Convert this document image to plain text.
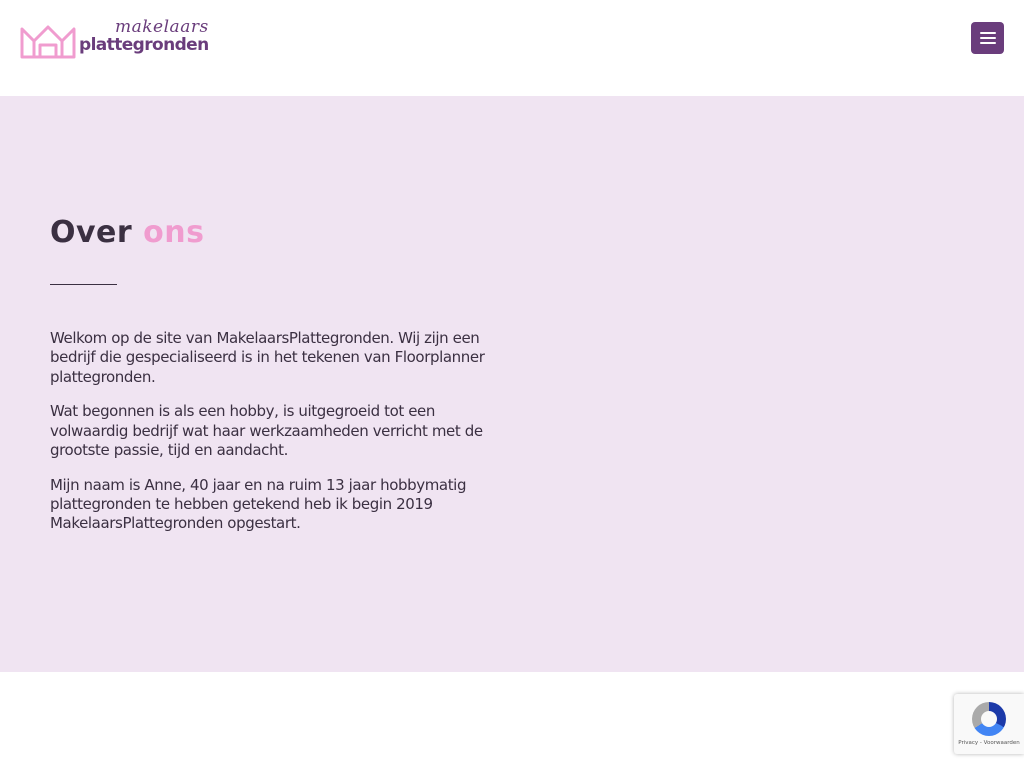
makelaars
plattegronden
Over ons

Welkom op de site van MakelaarsPlattegronden. Wij zijn een bedrijf die gespecialiseerd is in het tekenen van Floorplanner plattegronden.

Wat begonnen is als een hobby, is uitgegroeid tot een volwaardig bedrijf wat haar werkzaamheden verricht met de grootste passie, tijd en aandacht.

Mijn naam is Anne, 40 jaar en na ruim 13 jaar hobbymatig plattegronden te hebben getekend heb ik begin 2019 MakelaarsPlattegronden opgestart.

Privacy - Voorwaarden
